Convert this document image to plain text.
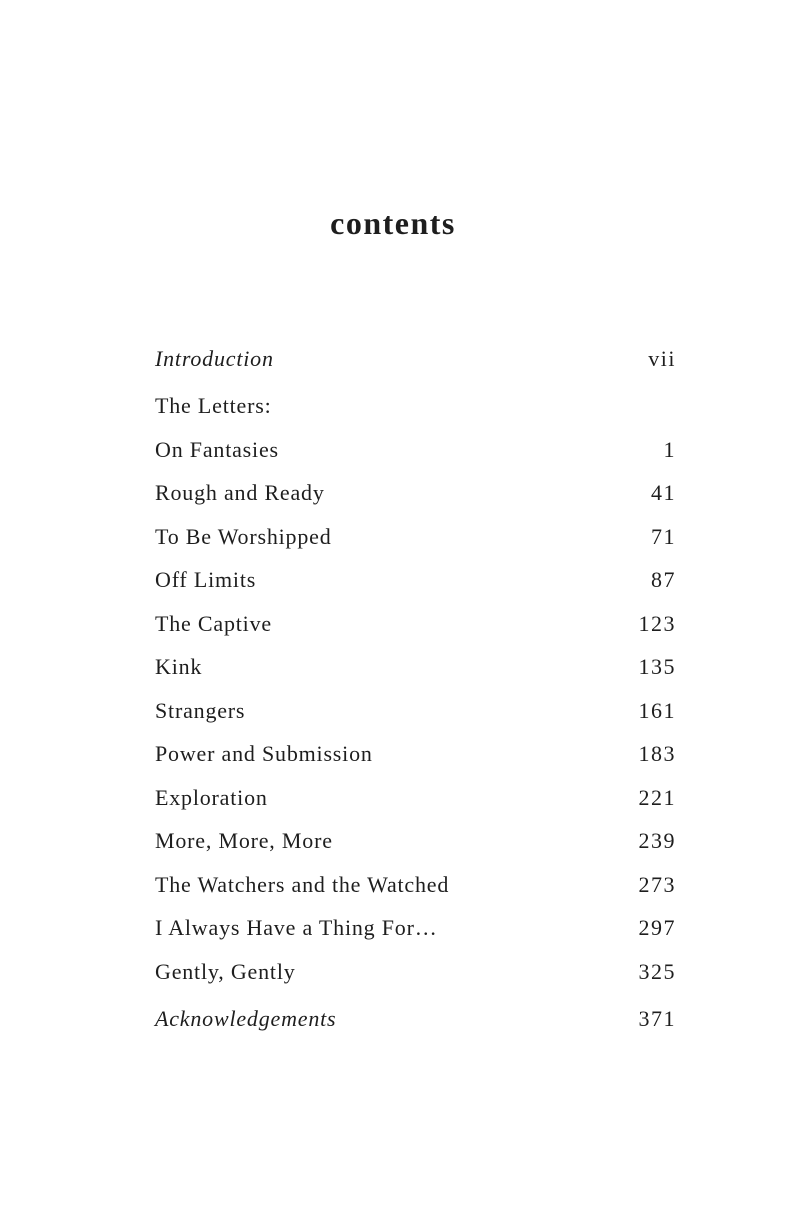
contents
Introduction	vii
The Letters:
On Fantasies	1
Rough and Ready	41
To Be Worshipped	71
Off Limits	87
The Captive	123
Kink	135
Strangers	161
Power and Submission	183
Exploration	221
More, More, More	239
The Watchers and the Watched	273
I Always Have a Thing For…	297
Gently, Gently	325
Acknowledgements	371
